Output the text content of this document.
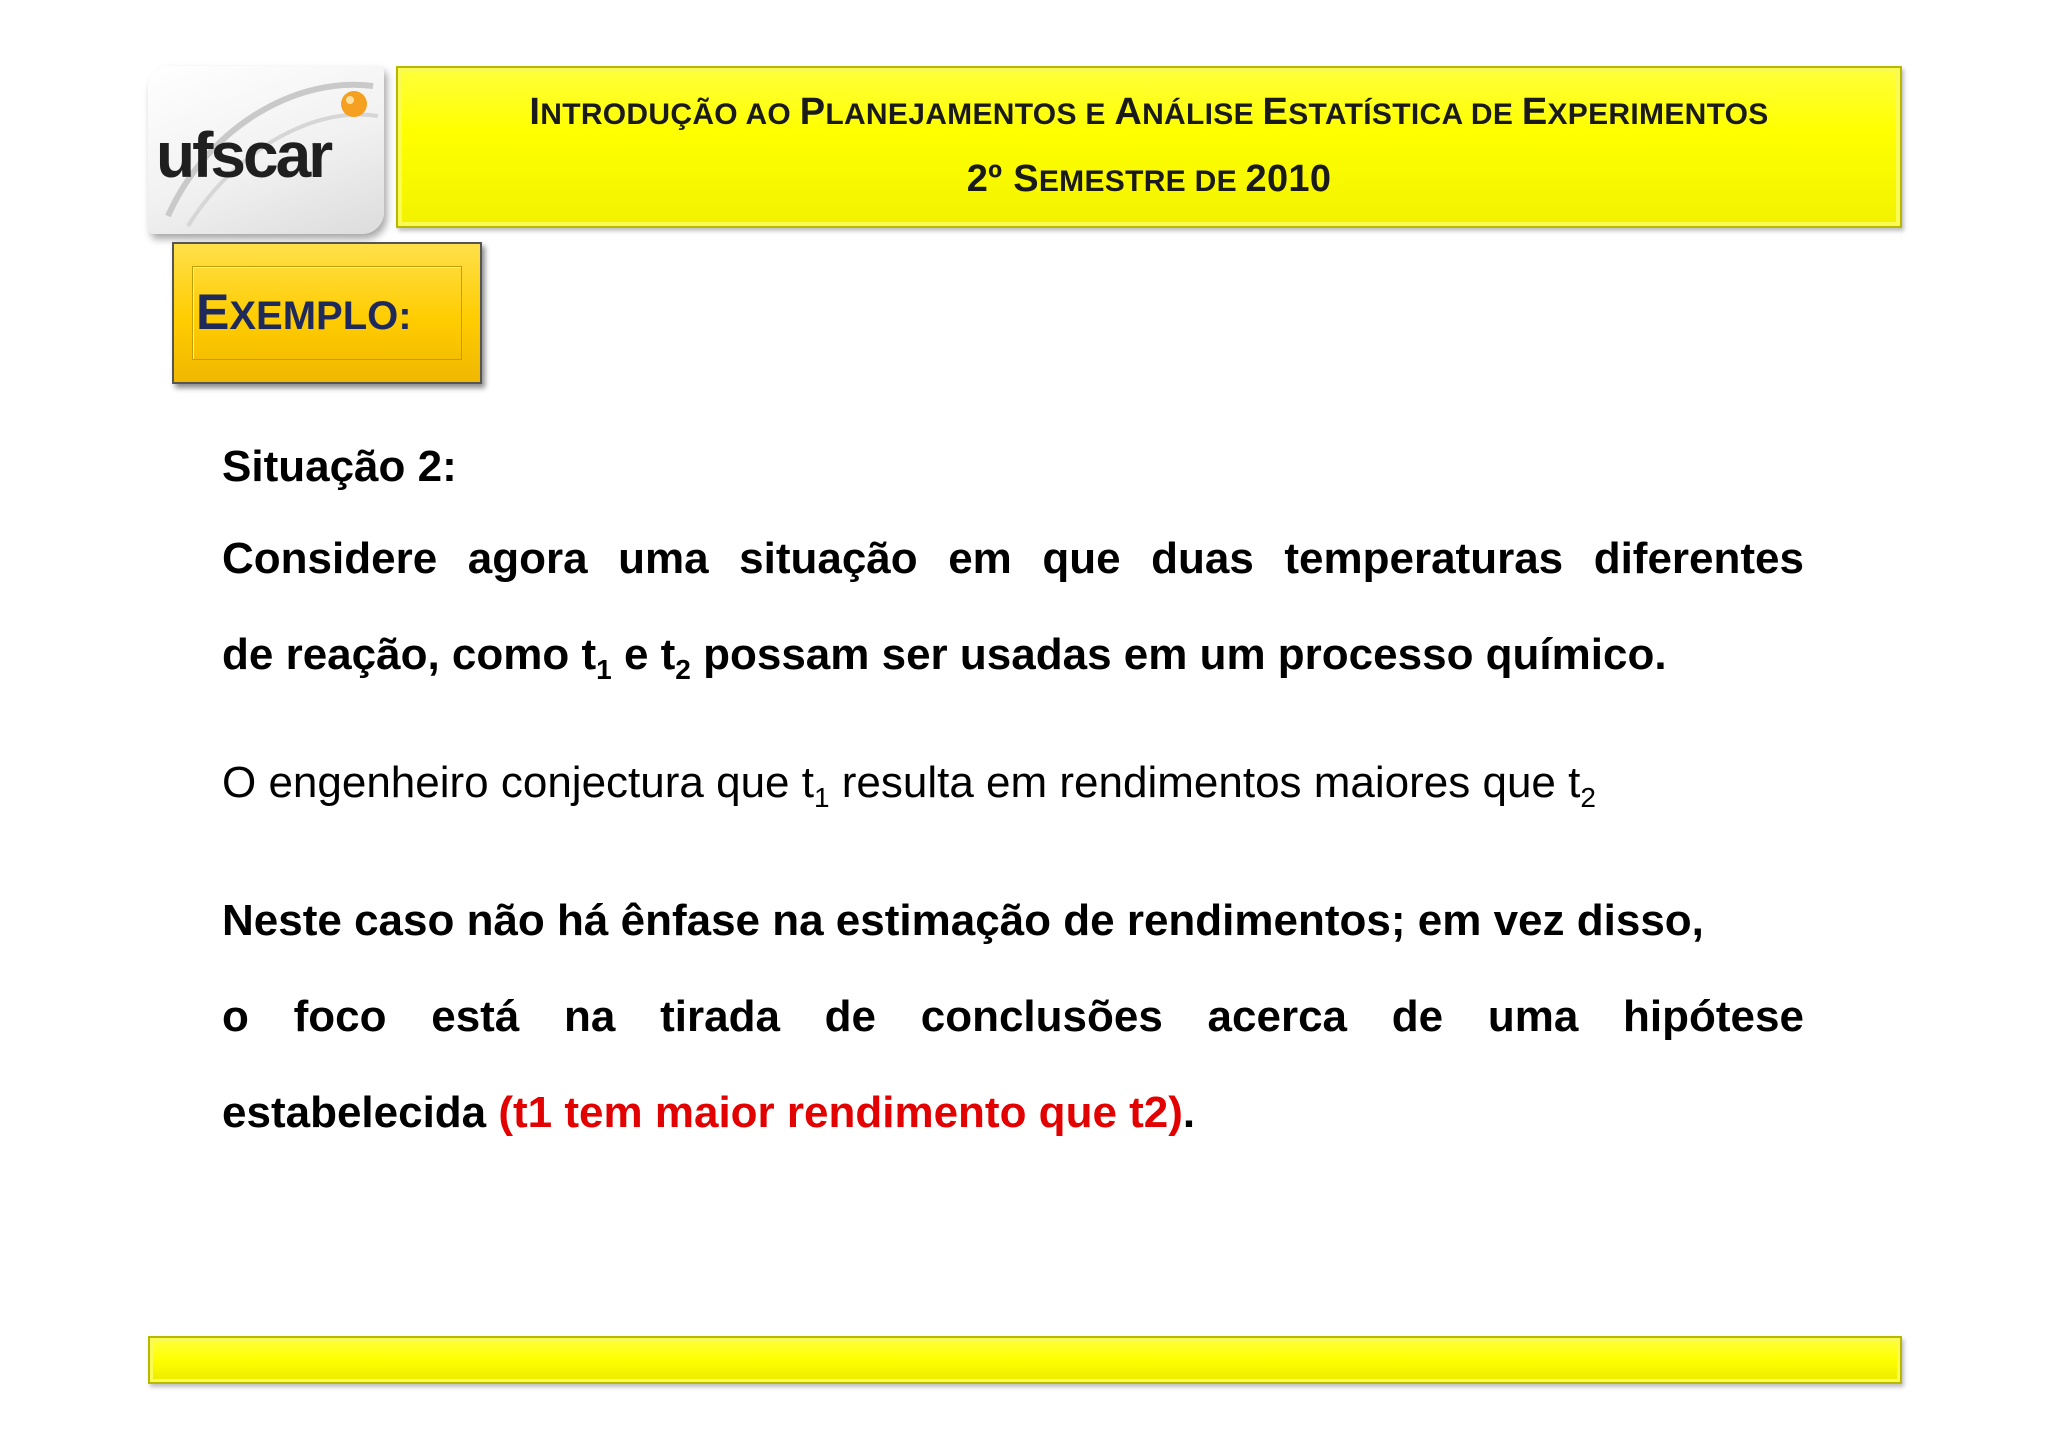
ufscar
INTRODUÇÃO AO PLANEJAMENTOS E ANÁLISE ESTATÍSTICA DE EXPERIMENTOS
2º SEMESTRE DE 2010
EXEMPLO:
Situação 2:
Considere agora uma situação em que duas temperaturas diferentes
de reação, como $t_1$ e $t_2$ possam ser usadas em um processo químico.
O engenheiro conjectura que $t_1$ resulta em rendimentos maiores que $t_2$
Neste caso não há ênfase na estimação de rendimentos; em vez disso,
o foco está na tirada de conclusões acerca de uma hipótese
estabelecida (t1 tem maior rendimento que t2).
